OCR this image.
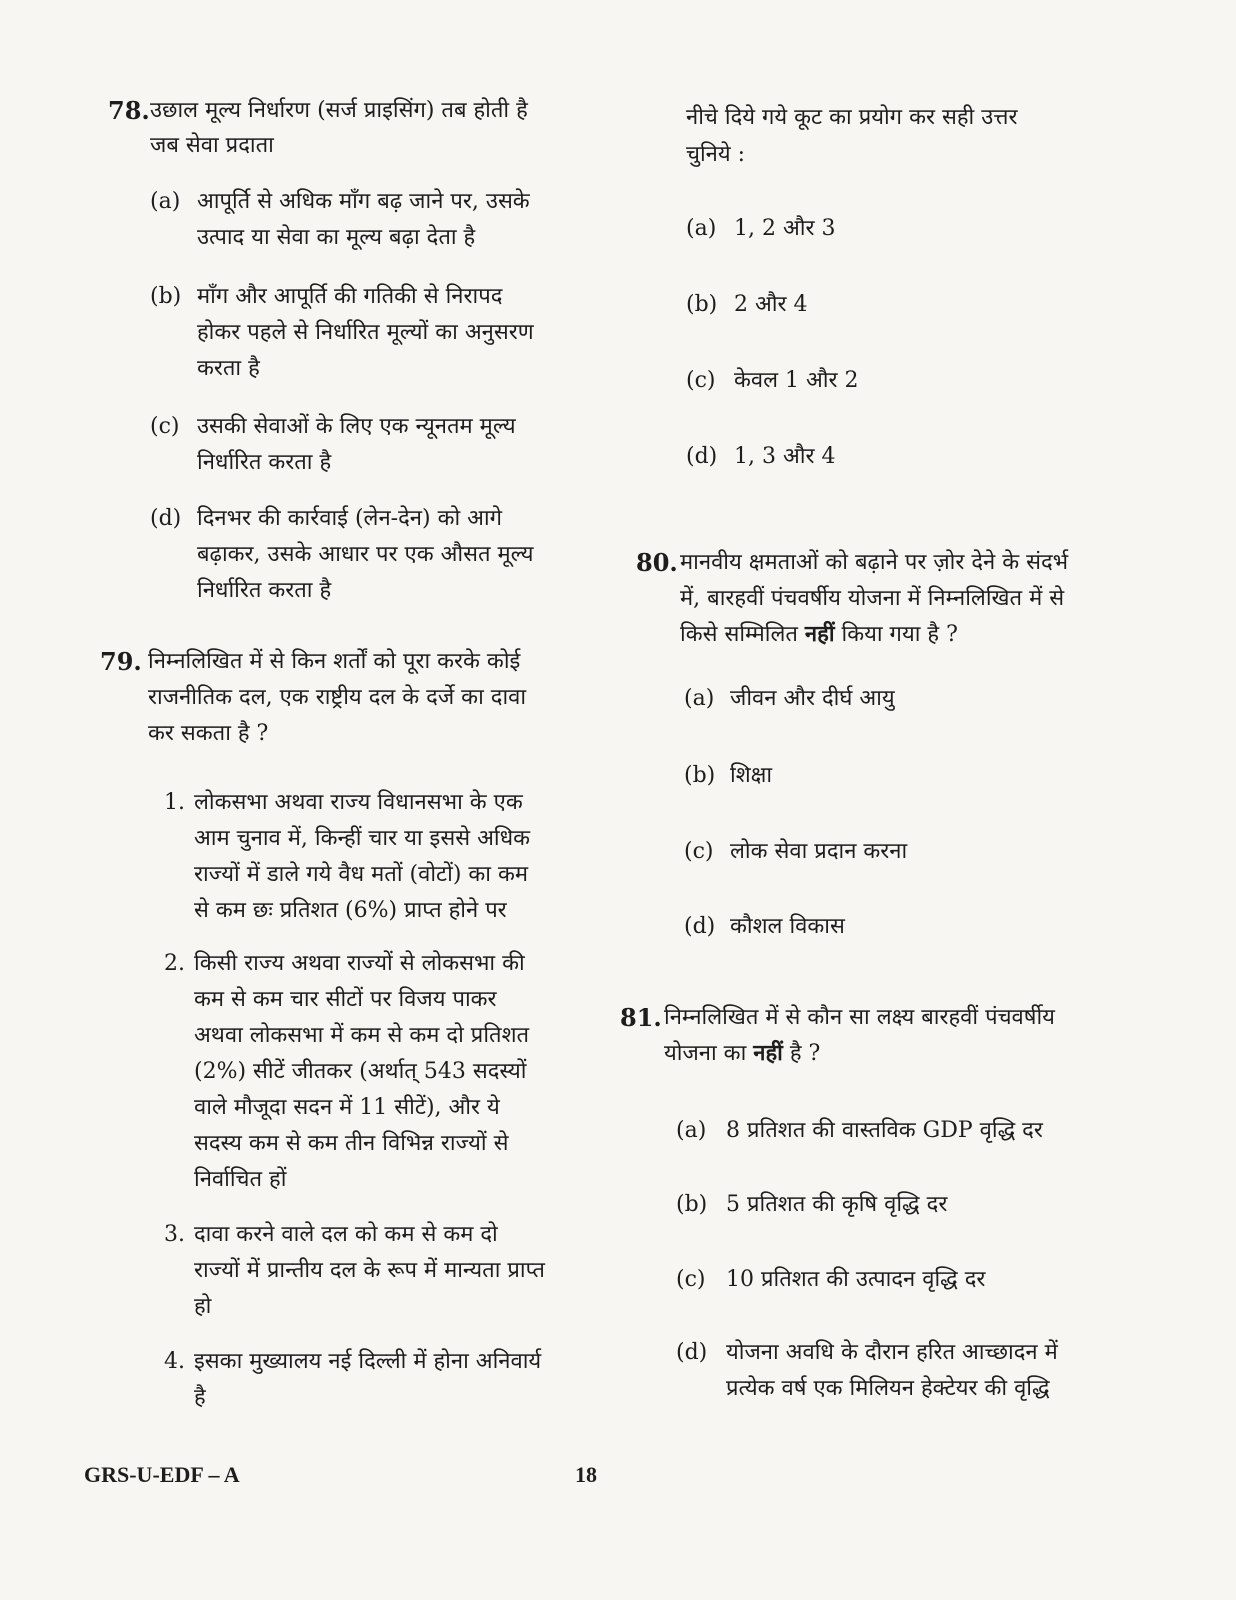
78. उछाल मूल्य निर्धारण (सर्ज प्राइसिंग) तब होती है
जब सेवा प्रदाता
(a) आपूर्ति से अधिक माँग बढ़ जाने पर, उसके
उत्पाद या सेवा का मूल्य बढ़ा देता है
(b) माँग और आपूर्ति की गतिकी से निरापद
होकर पहले से निर्धारित मूल्यों का अनुसरण
करता है
(c) उसकी सेवाओं के लिए एक न्यूनतम मूल्य
निर्धारित करता है
(d) दिनभर की कार्रवाई (लेन-देन) को आगे
बढ़ाकर, उसके आधार पर एक औसत मूल्य
निर्धारित करता है
79. निम्नलिखित में से किन शर्तों को पूरा करके कोई
राजनीतिक दल, एक राष्ट्रीय दल के दर्जे का दावा
कर सकता है ?
1. लोकसभा अथवा राज्य विधानसभा के एक
आम चुनाव में, किन्हीं चार या इससे अधिक
राज्यों में डाले गये वैध मतों (वोटों) का कम
से कम छः प्रतिशत (6%) प्राप्त होने पर
2. किसी राज्य अथवा राज्यों से लोकसभा की
कम से कम चार सीटों पर विजय पाकर
अथवा लोकसभा में कम से कम दो प्रतिशत
(2%) सीटें जीतकर (अर्थात् 543 सदस्यों
वाले मौजूदा सदन में 11 सीटें), और ये
सदस्य कम से कम तीन विभिन्न राज्यों से
निर्वाचित हों
3. दावा करने वाले दल को कम से कम दो
राज्यों में प्रान्तीय दल के रूप में मान्यता प्राप्त
हो
4. इसका मुख्यालय नई दिल्ली में होना अनिवार्य
है
नीचे दिये गये कूट का प्रयोग कर सही उत्तर
चुनिये :
(a) 1, 2 और 3
(b) 2 और 4
(c) केवल 1 और 2
(d) 1, 3 और 4
80. मानवीय क्षमताओं को बढ़ाने पर ज़ोर देने के संदर्भ
में, बारहवीं पंचवर्षीय योजना में निम्नलिखित में से
किसे सम्मिलित नहीं किया गया है ?
(a) जीवन और दीर्घ आयु
(b) शिक्षा
(c) लोक सेवा प्रदान करना
(d) कौशल विकास
81. निम्नलिखित में से कौन सा लक्ष्य बारहवीं पंचवर्षीय
योजना का नहीं है ?
(a) 8 प्रतिशत की वास्तविक GDP वृद्धि दर
(b) 5 प्रतिशत की कृषि वृद्धि दर
(c) 10 प्रतिशत की उत्पादन वृद्धि दर
(d) योजना अवधि के दौरान हरित आच्छादन में
प्रत्येक वर्ष एक मिलियन हेक्टेयर की वृद्धि
GRS-U-EDF – A	18
